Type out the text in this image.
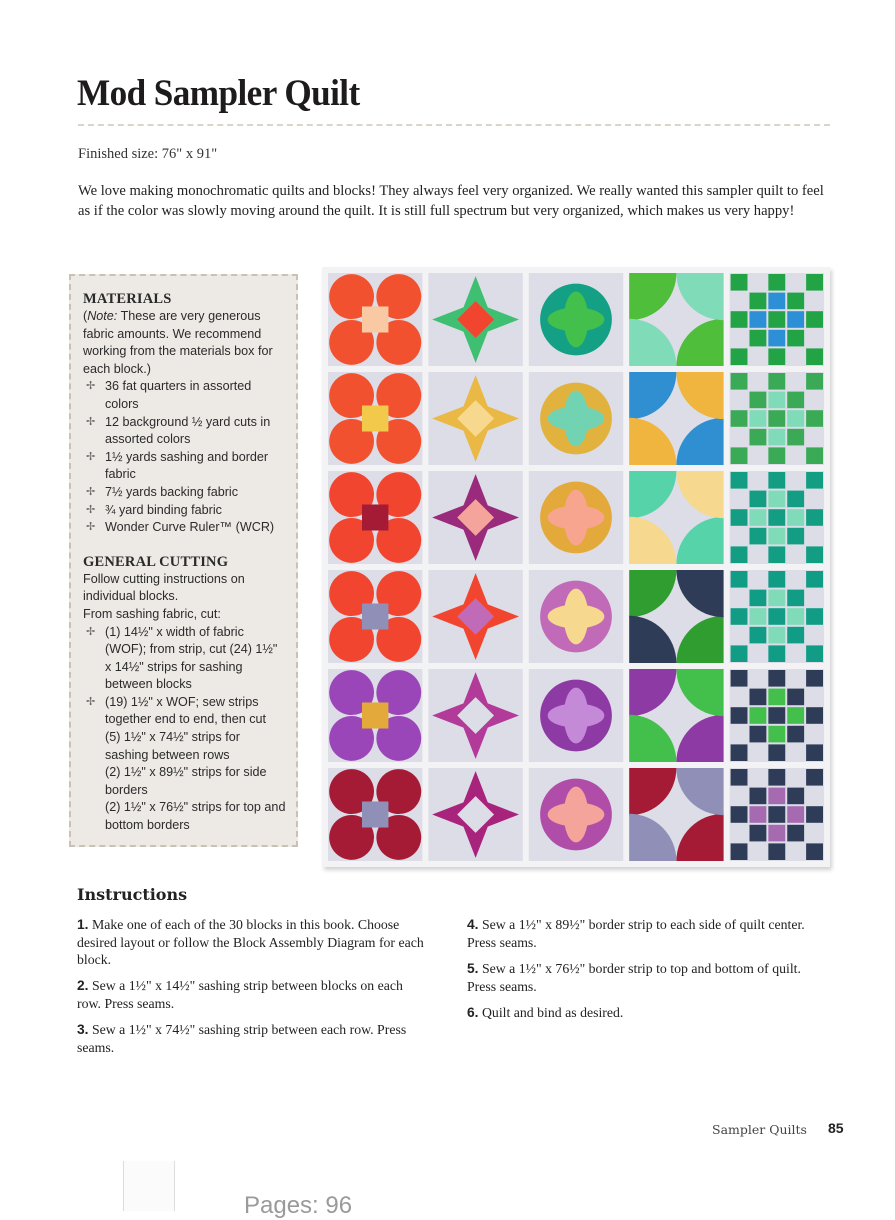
Mod Sampler Quilt
Finished size: 76" x 91"
We love making monochromatic quilts and blocks! They always feel very organized. We really wanted this sampler quilt to feel as if the color was slowly moving around the quilt. It is still full spectrum but very organized, which makes us very happy!
MATERIALS

(Note: These are very generous fabric amounts. We recommend working from the materials box for each block.)

✢ 36 fat quarters in assorted colors
✢ 12 background ½ yard cuts in assorted colors
✢ 1½ yards sashing and border fabric
✢ 7½ yards backing fabric
✢ ¾ yard binding fabric
✢ Wonder Curve Ruler™ (WCR)
GENERAL CUTTING

Follow cutting instructions on individual blocks.

From sashing fabric, cut:

✢ (1) 14½" x width of fabric (WOF); from strip, cut (24) 1½" x 14½" strips for sashing between blocks
✢ (19) 1½" x WOF; sew strips together end to end, then cut
(5) 1½" x 74½" strips for sashing between rows
(2) 1½" x 89½" strips for side borders
(2) 1½" x 76½" strips for top and bottom borders
Instructions
1. Make one of each of the 30 blocks in this book. Choose desired layout or follow the Block Assembly Diagram for each block.
2. Sew a 1½" x 14½" sashing strip between blocks on each row. Press seams.
3. Sew a 1½" x 74½" sashing strip between each row. Press seams.
4. Sew a 1½" x 89½" border strip to each side of quilt center. Press seams.
5. Sew a 1½" x 76½" border strip to top and bottom of quilt. Press seams.
6. Quilt and bind as desired.
Sampler Quilts 85
Pages: 96
